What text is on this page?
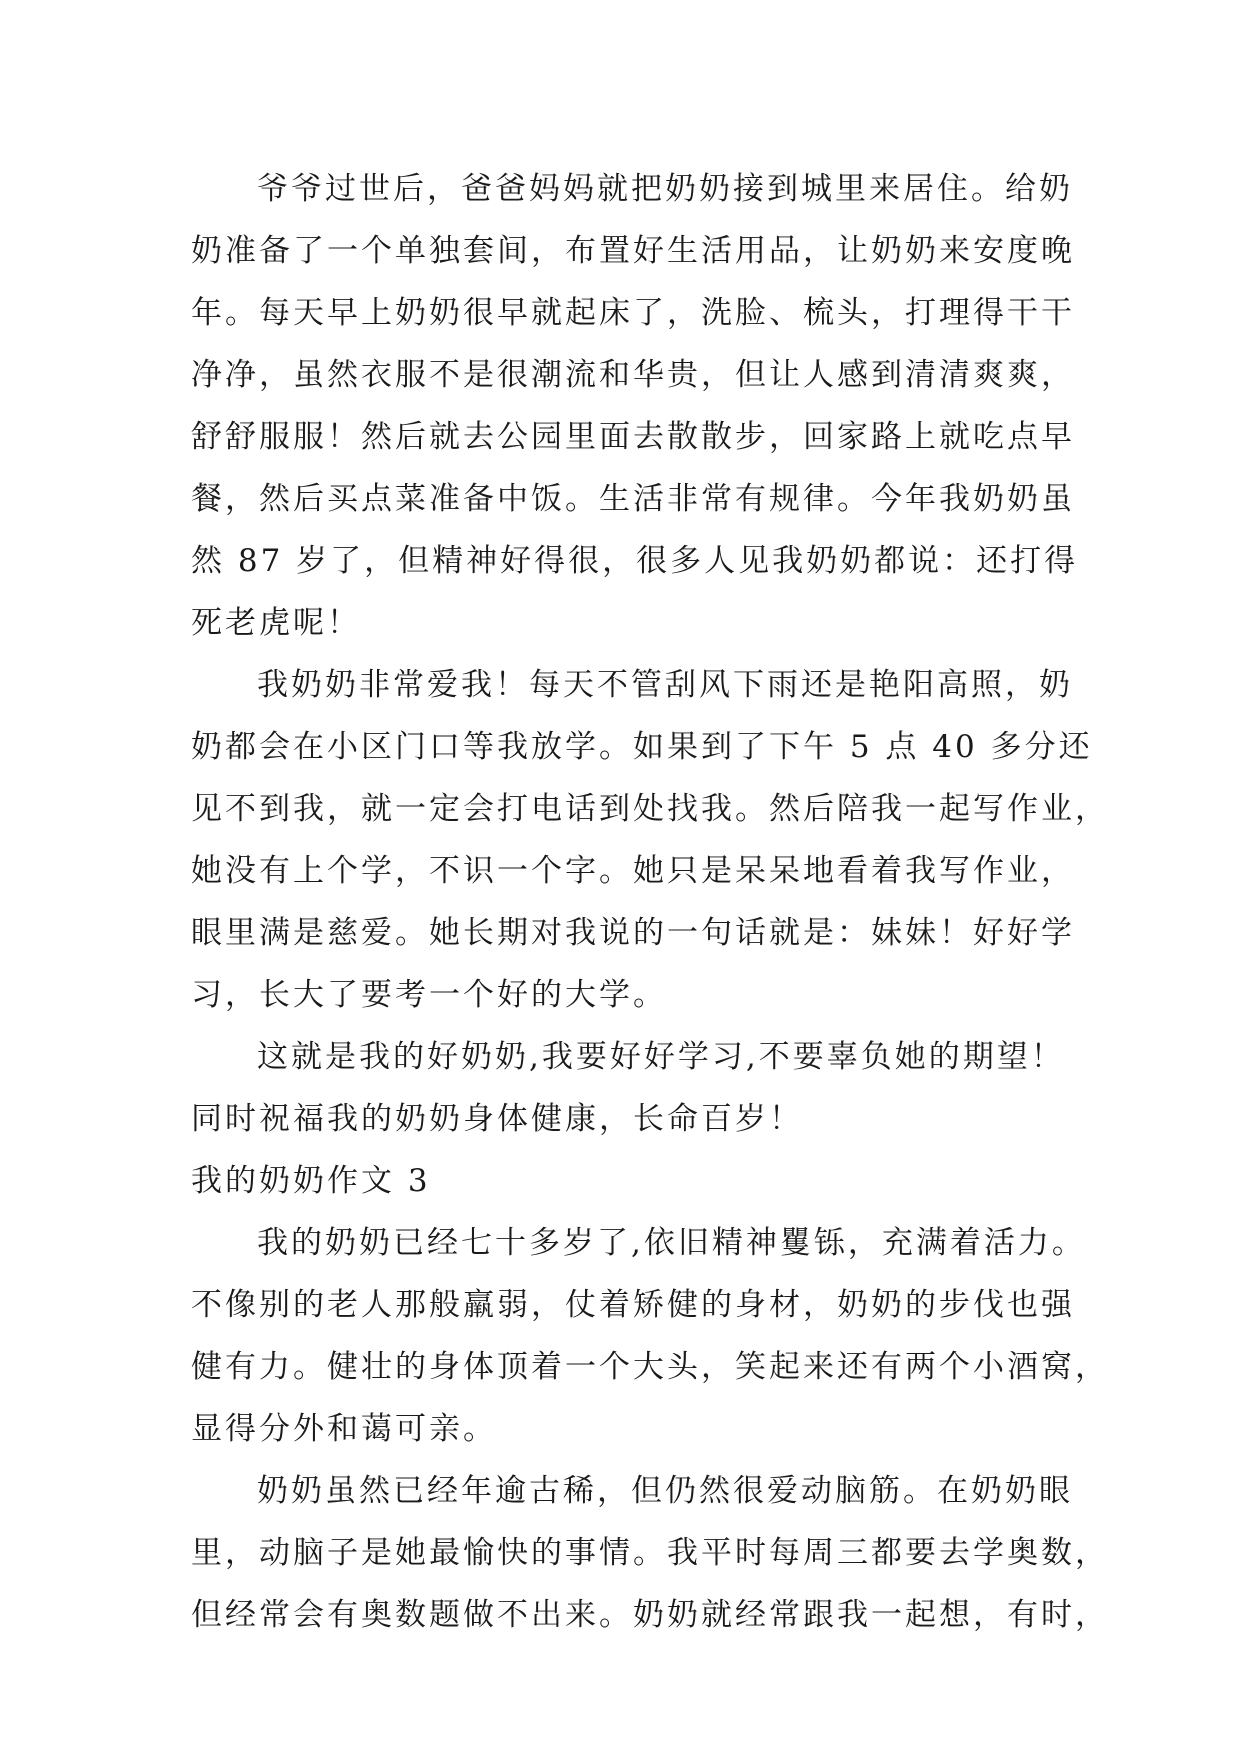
爷爷过世后，爸爸妈妈就把奶奶接到城里来居住。给奶
奶准备了一个单独套间，布置好生活用品，让奶奶来安度晚
年。每天早上奶奶很早就起床了，洗脸、梳头，打理得干干
净净，虽然衣服不是很潮流和华贵，但让人感到清清爽爽，
舒舒服服！然后就去公园里面去散散步，回家路上就吃点早
餐，然后买点菜准备中饭。生活非常有规律。今年我奶奶虽
然 87 岁了，但精神好得很，很多人见我奶奶都说：还打得
死老虎呢！
我奶奶非常爱我！每天不管刮风下雨还是艳阳高照，奶
奶都会在小区门口等我放学。如果到了下午 5 点 40 多分还
见不到我，就一定会打电话到处找我。然后陪我一起写作业，
她没有上个学，不识一个字。她只是呆呆地看着我写作业，
眼里满是慈爱。她长期对我说的一句话就是：妹妹！好好学
习，长大了要考一个好的大学。
这就是我的好奶奶,我要好好学习,不要辜负她的期望！
同时祝福我的奶奶身体健康，长命百岁！
我的奶奶作文 3
我的奶奶已经七十多岁了,依旧精神矍铄，充满着活力。
不像别的老人那般羸弱，仗着矫健的身材，奶奶的步伐也强
健有力。健壮的身体顶着一个大头，笑起来还有两个小酒窝，
显得分外和蔼可亲。
奶奶虽然已经年逾古稀，但仍然很爱动脑筋。在奶奶眼
里，动脑子是她最愉快的事情。我平时每周三都要去学奥数，
但经常会有奥数题做不出来。奶奶就经常跟我一起想，有时，
